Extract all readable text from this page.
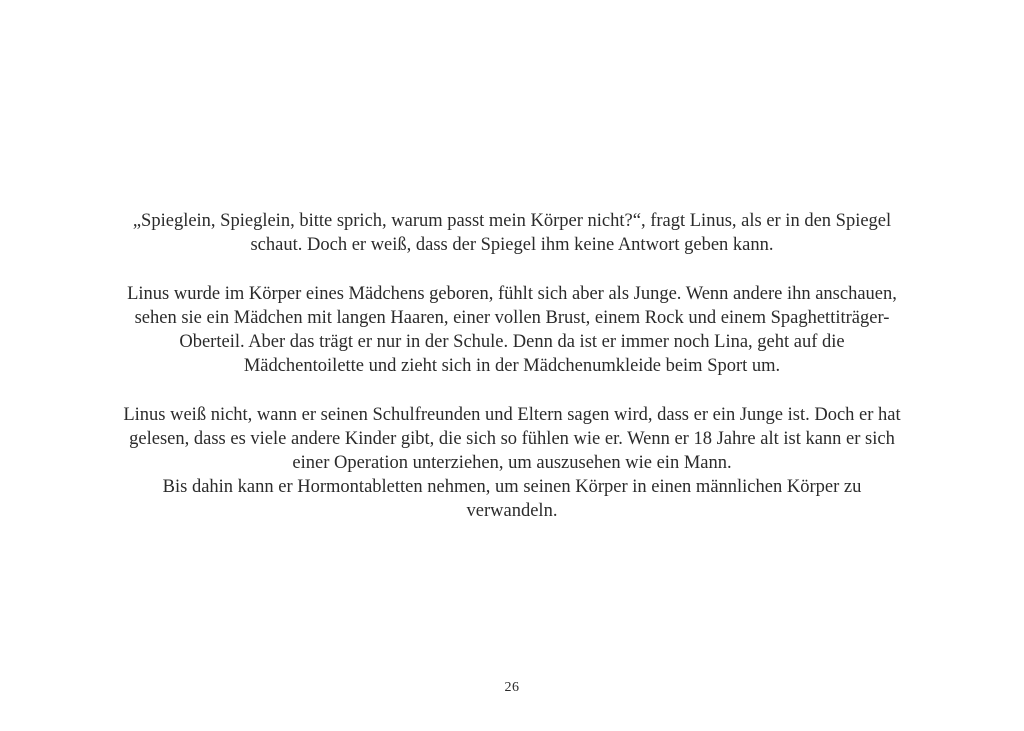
„Spieglein, Spieglein, bitte sprich, warum passt mein Körper nicht?“, fragt Linus, als er in den Spiegel
schaut. Doch er weiß, dass der Spiegel ihm keine Antwort geben kann.

Linus wurde im Körper eines Mädchens geboren, fühlt sich aber als Junge. Wenn andere ihn anschauen,
sehen sie ein Mädchen mit langen Haaren, einer vollen Brust, einem Rock und einem Spaghettiträger-
Oberteil. Aber das trägt er nur in der Schule. Denn da ist er immer noch Lina, geht auf die
Mädchentoilette und zieht sich in der Mädchenumkleide beim Sport um.

Linus weiß nicht, wann er seinen Schulfreunden und Eltern sagen wird, dass er ein Junge ist. Doch er hat
gelesen, dass es viele andere Kinder gibt, die sich so fühlen wie er. Wenn er 18 Jahre alt ist kann er sich
einer Operation unterziehen, um auszusehen wie ein Mann.
Bis dahin kann er Hormontabletten nehmen, um seinen Körper in einen männlichen Körper zu
verwandeln.

26
